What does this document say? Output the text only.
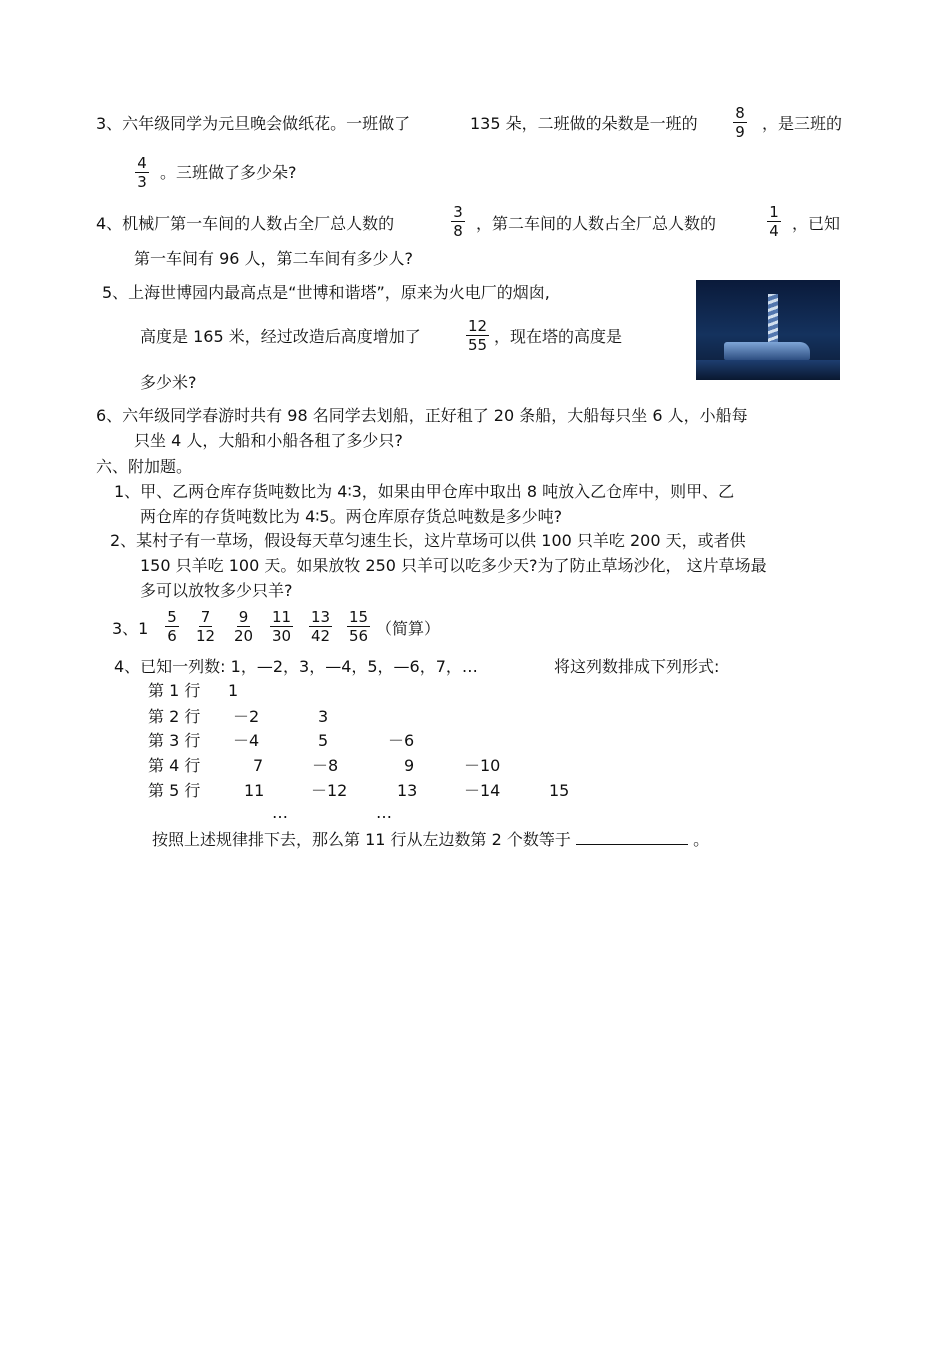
3、六年级同学为元旦晚会做纸花。一班做了	135 朵，二班做的朵数是一班的 $\frac{8}{9}$ ，是三班的
$\frac{4}{3}$ 。三班做了多少朵?
4、机械厂第一车间的人数占全厂总人数的	$\frac{3}{8}$ ，第二车间的人数占全厂总人数的	$\frac{1}{4}$ ，已知
第一车间有 96 人，第二车间有多少人?
5、上海世博园内最高点是“世博和谐塔”，原来为火电厂的烟囱,
高度是 165 米，经过改造后高度增加了	$\frac{12}{55}$ ，现在塔的高度是
多少米?
6、六年级同学春游时共有 98 名同学去划船，正好租了 20 条船，大船每只坐 6 人，小船每
只坐 4 人，大船和小船各租了多少只?
六、附加题。
1、甲、乙两仓库存货吨数比为 4∶3，如果由甲仓库中取出 8 吨放入乙仓库中，则甲、乙
两仓库的存货吨数比为 4∶5。两仓库原存货总吨数是多少吨?
2、某村子有一草场，假设每天草匀速生长，这片草场可以供 100 只羊吃 200 天，或者供
150 只羊吃 100 天。如果放牧 250 只羊可以吃多少天?为了防止草场沙化， 这片草场最
多可以放牧多少只羊?
3、$1 \frac{5}{6} \frac{7}{12} \frac{9}{20} \frac{11}{30} \frac{13}{42} \frac{15}{56}$ （简算）
4、已知一列数: 1，—2，3，—4，5，—6，7，…	将这列数排成下列形式:
第 1 行 1
第 2 行 －2	3
第 3 行 －4	5	－6
第 4 行	7	－8	9	－10
第 5 行	11	－12	13	－14	15
…	…
按照上述规律排下去，那么第 11 行从左边数第 2 个数等于	。
